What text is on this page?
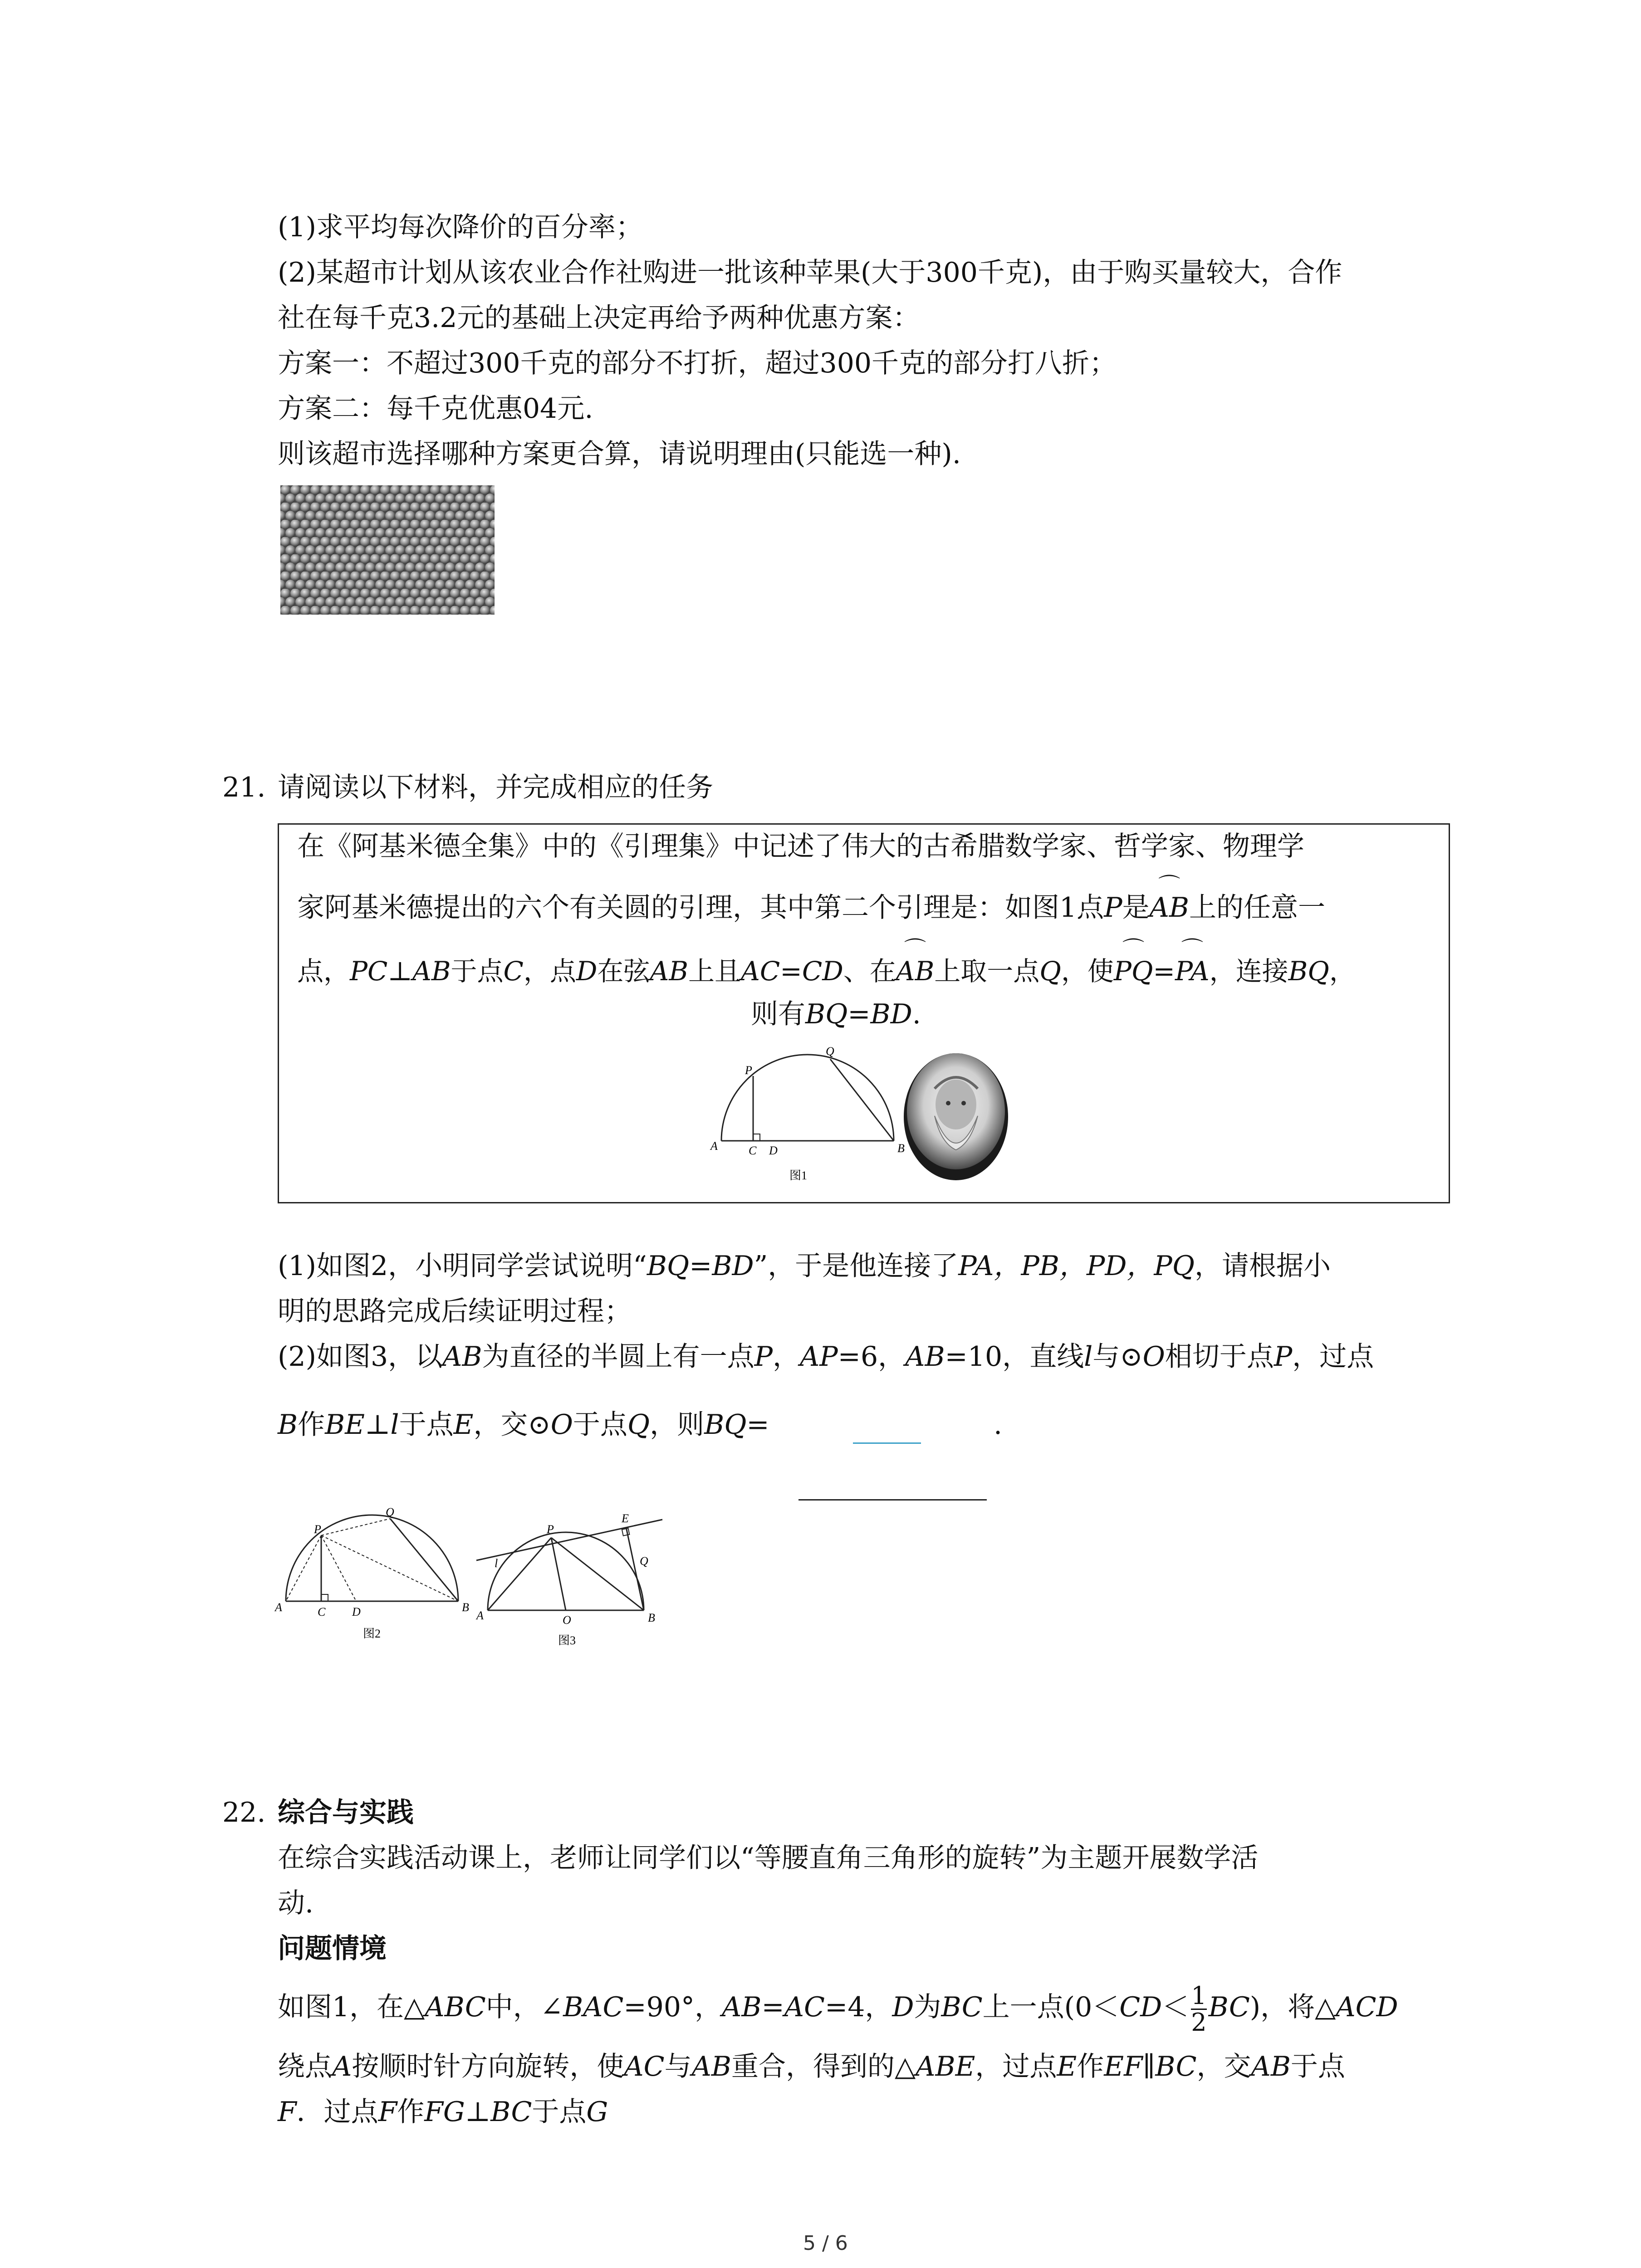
(1)求平均每次降价的百分率；
(2)某超市计划从该农业合作社购进一批该种苹果(大于300千克)，由于购买量较大，合作
社在每千克3.2元的基础上决定再给予两种优惠方案：
方案一：不超过300千克的部分不打折，超过300千克的部分打八折；
方案二：每千克优惠04元.
则该超市选择哪种方案更合算，请说明理由(只能选一种).
21. 请阅读以下材料，并完成相应的任务
在《阿基米德全集》中的《引理集》中记述了伟大的古希腊数学家、哲学家、物理学
家阿基米德提出的六个有关圆的引理，其中第二个引理是：如图1点P是⌒ AB上的任意一
点，PC⊥AB于点C，点D在弦AB上且AC=CD、在⌒ AB上取一点Q，使⌒ PQ=⌒ PA，连接BQ，
则有BQ=BD.
P
Q
A	C D	B
图1
(1)如图2，小明同学尝试说明“BQ=BD”，于是他连接了PA，PB，PD，PQ，请根据小
明的思路完成后续证明过程；
(2)如图3，以AB为直径的半圆上有一点P，AP=6，AB=10，直线l与⊙O相切于点P，过点
B作BE⊥l于点E，交⊙O于点Q，则BQ=	.
P
Q
A	C D	B
图2
P
E
Q
l
A	O	B
图3
22. 综合与实践
在综合实践活动课上，老师让同学们以“等腰直角三角形的旋转”为主题开展数学活
动.
问题情境
如图1，在△ABC中，∠BAC=90°，AB=AC=4，D为BC上一点$(0<CD< \frac{1}{2} BC)$，将△ACD
绕点A按顺时针方向旋转，使AC与AB重合，得到的△ABE，过点E作EF∥BC，交AB于点
F．过点F作FG⊥BC于点G
5 / 6
